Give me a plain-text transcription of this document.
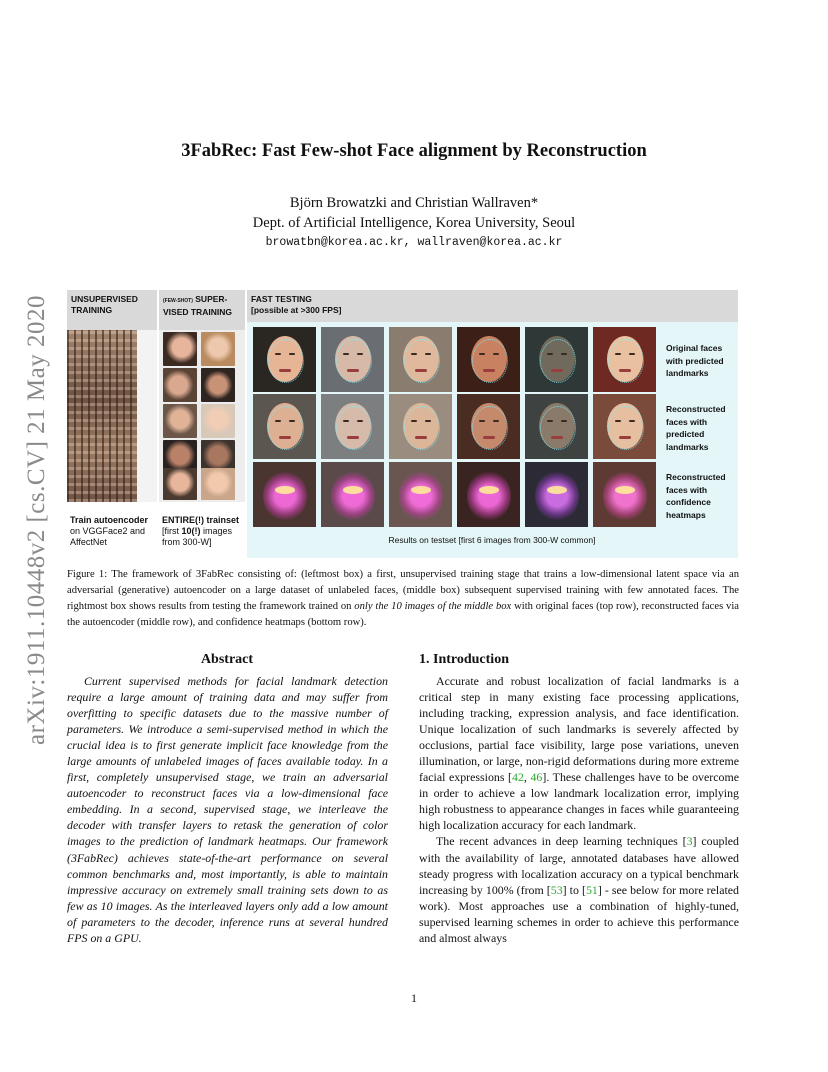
arXiv:1911.10448v2 [cs.CV] 21 May 2020
3FabRec: Fast Few-shot Face alignment by Reconstruction
Björn Browatzki and Christian Wallraven*
Dept. of Artificial Intelligence, Korea University, Seoul
browatbn@korea.ac.kr, wallraven@korea.ac.kr
UNSUPERVISED
TRAINING
Train autoencoder
on VGGFace2 and
AffectNet
(FEW-SHOT) SUPER-
VISED TRAINING
ENTIRE(!) trainset
[first 10(!) images
from 300-W]
FAST TESTING
[possible at >300 FPS]
Original faces
with predicted
landmarks
Reconstructed
faces with
predicted
landmarks
Reconstructed
faces with
confidence
heatmaps
Results on testset [first 6 images from 300-W common]
Figure 1: The framework of 3FabRec consisting of: (leftmost box) a first, unsupervised training stage that trains a low-dimensional latent space via an adversarial (generative) autoencoder on a large dataset of unlabeled faces, (middle box) subsequent supervised training with few annotated faces. The rightmost box shows results from testing the framework trained on only the 10 images of the middle box with original faces (top row), reconstructed faces via the autoencoder (middle row), and confidence heatmaps (bottom row).
Abstract

Current supervised methods for facial landmark detection require a large amount of training data and may suffer from overfitting to specific datasets due to the massive number of parameters. We introduce a semi-supervised method in which the crucial idea is to first generate implicit face knowledge from the large amounts of unlabeled images of faces available today. In a first, completely unsupervised stage, we train an adversarial autoencoder to reconstruct faces via a low-dimensional face embedding. In a second, supervised stage, we interleave the decoder with transfer layers to retask the generation of color images to the prediction of landmark heatmaps. Our framework (3FabRec) achieves state-of-the-art performance on several common benchmarks and, most importantly, is able to maintain impressive accuracy on extremely small training sets down to as few as 10 images. As the interleaved layers only add a low amount of parameters to the decoder, inference runs at several hundred FPS on a GPU.

1. Introduction

Accurate and robust localization of facial landmarks is a critical step in many existing face processing applications, including tracking, expression analysis, and face identification. Unique localization of such landmarks is severely affected by occlusions, partial face visibility, large pose variations, uneven illumination, or large, non-rigid deformations during more extreme facial expressions [42, 46]. These challenges have to be overcome in order to achieve a low landmark localization error, implying high robustness to appearance changes in faces while guaranteeing high localization accuracy for each landmark.

The recent advances in deep learning techniques [3] coupled with the availability of large, annotated databases have allowed steady progress with localization accuracy on a typical benchmark increasing by 100% (from [53] to [51] - see below for more related work). Most approaches use a combination of highly-tuned, supervised learning schemes in order to achieve this performance and almost always

1
